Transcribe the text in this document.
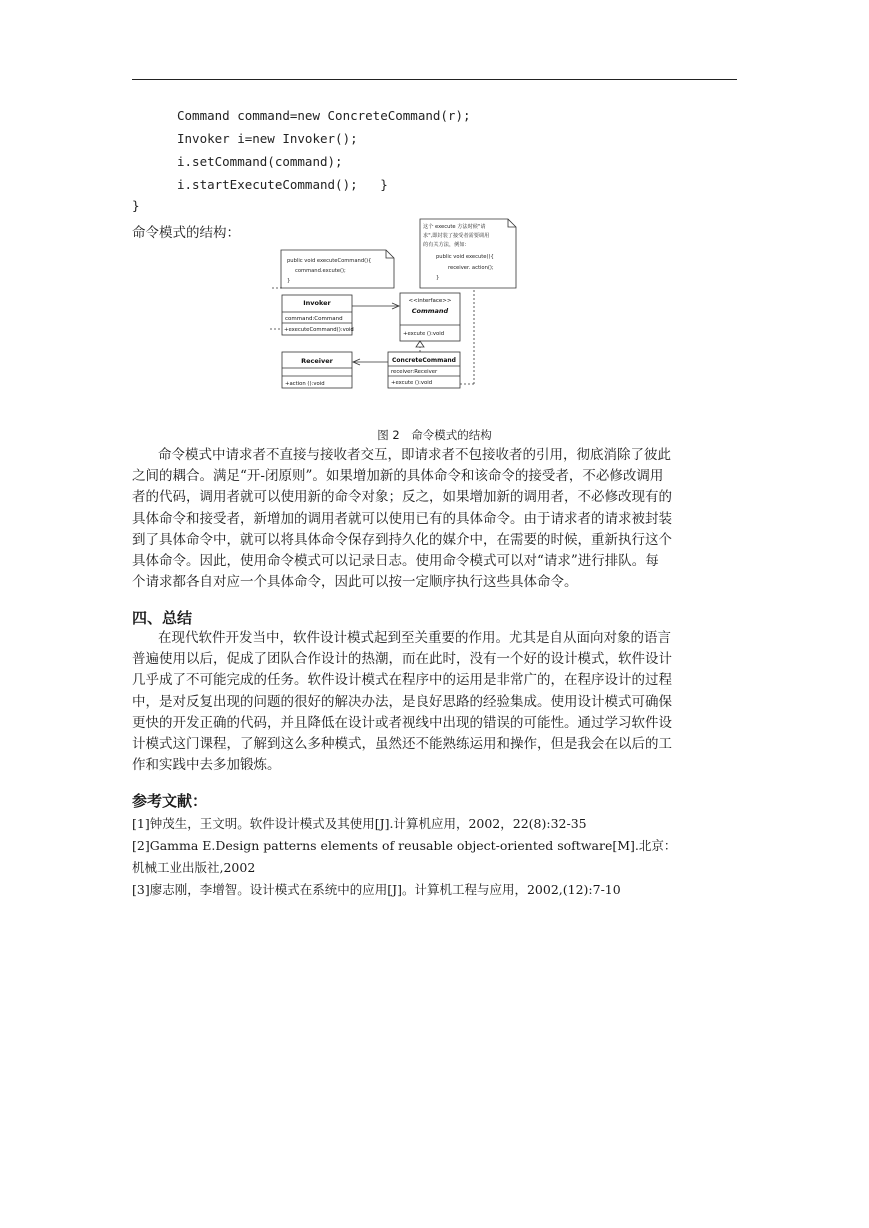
Command command=new ConcreteCommand(r);
Invoker i=new Invoker();
i.setCommand(command);
i.startExecuteCommand();   }
}
命令模式的结构：
public void executeCommand(){
command.excute();
}
这个 execute 方法时候"请
求",即封装了接受者需要调用
的有关方法，例如：
public void execute(){
receiver. action();
}
Invoker
command:Command
+executeCommand():void
<<interface>>
Command
+excute ():void
Receiver
+action ():void
ConcreteCommand
receiver:Receiver
+excute ():void
图 2　命令模式的结构
命令模式中请求者不直接与接收者交互，即请求者不包接收者的引用，彻底消除了彼此
之间的耦合。满足“开-闭原则”。如果增加新的具体命令和该命令的接受者，不必修改调用
者的代码，调用者就可以使用新的命令对象；反之，如果增加新的调用者，不必修改现有的
具体命令和接受者，新增加的调用者就可以使用已有的具体命令。由于请求者的请求被封装
到了具体命令中，就可以将具体命令保存到持久化的媒介中，在需要的时候，重新执行这个
具体命令。因此，使用命令模式可以记录日志。使用命令模式可以对“请求”进行排队。每
个请求都各自对应一个具体命令，因此可以按一定顺序执行这些具体命令。
四、总结
在现代软件开发当中，软件设计模式起到至关重要的作用。尤其是自从面向对象的语言
普遍使用以后，促成了团队合作设计的热潮，而在此时，没有一个好的设计模式，软件设计
几乎成了不可能完成的任务。软件设计模式在程序中的运用是非常广的，在程序设计的过程
中，是对反复出现的问题的很好的解决办法，是良好思路的经验集成。使用设计模式可确保
更快的开发正确的代码，并且降低在设计或者视线中出现的错误的可能性。通过学习软件设
计模式这门课程，了解到这么多种模式，虽然还不能熟练运用和操作，但是我会在以后的工
作和实践中去多加锻炼。
参考文献：
[1]钟茂生，王文明。软件设计模式及其使用[J].计算机应用，2002，22(8):32-35
[2]Gamma E.Design patterns elements of reusable object-oriented software[M].北京：
机械工业出版社,2002
[3]廖志刚，李增智。设计模式在系统中的应用[J]。计算机工程与应用，2002,(12):7-10
